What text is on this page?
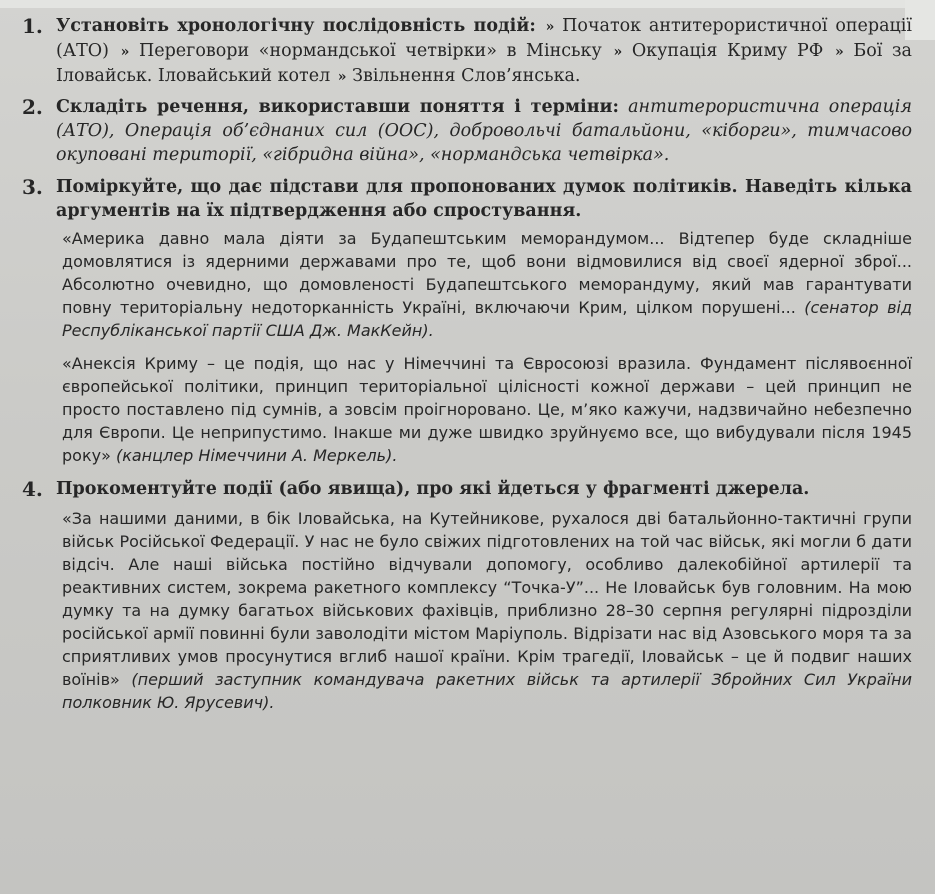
1. Установіть хронологічну послідовність подій: » Початок антитерористичної операції (АТО) » Переговори «нормандської четвірки» в Мінську » Окупація Криму РФ » Бої за Іловайськ. Іловайський котел » Звільнення Слов’янська.
2. Складіть речення, використавши поняття і терміни: антитерористична операція (АТО), Операція об’єднаних сил (ООС), добровольчі батальйони, «кіборги», тимчасово окуповані території, «гібридна війна», «нормандська четвірка».
3. Поміркуйте, що дає підстави для пропонованих думок політиків. Наведіть кілька аргументів на їх підтвердження або спростування.
«Америка давно мала діяти за Будапештським меморандумом... Відтепер буде складніше домовлятися із ядерними державами про те, щоб вони відмовилися від своєї ядерної зброї... Абсолютно очевидно, що домовленості Будапештського меморандуму, який мав гарантувати повну територіальну недоторканність Україні, включаючи Крим, цілком порушені... (сенатор від Республіканської партії США Дж. МакКейн).
«Анексія Криму – це подія, що нас у Німеччині та Євросоюзі вразила. Фундамент післявоєнної європейської політики, принцип територіальної цілісності кожної держави – цей принцип не просто поставлено під сумнів, а зовсім проігноровано. Це, м’яко кажучи, надзвичайно небезпечно для Європи. Це неприпустимо. Інакше ми дуже швидко зруйнуємо все, що вибудували після 1945 року» (канцлер Німеччини А. Меркель).
4. Прокоментуйте події (або явища), про які йдеться у фрагменті джерела.
«За нашими даними, в бік Іловайська, на Кутейникове, рухалося дві батальйонно-тактичні групи військ Російської Федерації. У нас не було свіжих підготовлених на той час військ, які могли б дати відсіч. Але наші війська постійно відчували допомогу, особливо далекобійної артилерії та реактивних систем, зокрема ракетного комплексу “Точка-У”... Не Іловайськ був головним. На мою думку та на думку багатьох військових фахівців, приблизно 28–30 серпня регулярні підрозділи російської армії повинні були заволодіти містом Маріуполь. Відрізати нас від Азовського моря та за сприятливих умов просунутися вглиб нашої країни. Крім трагедії, Іловайськ – це й подвиг наших воїнів» (перший заступник командувача ракетних військ та артилерії Збройних Сил України полковник Ю. Ярусевич).
